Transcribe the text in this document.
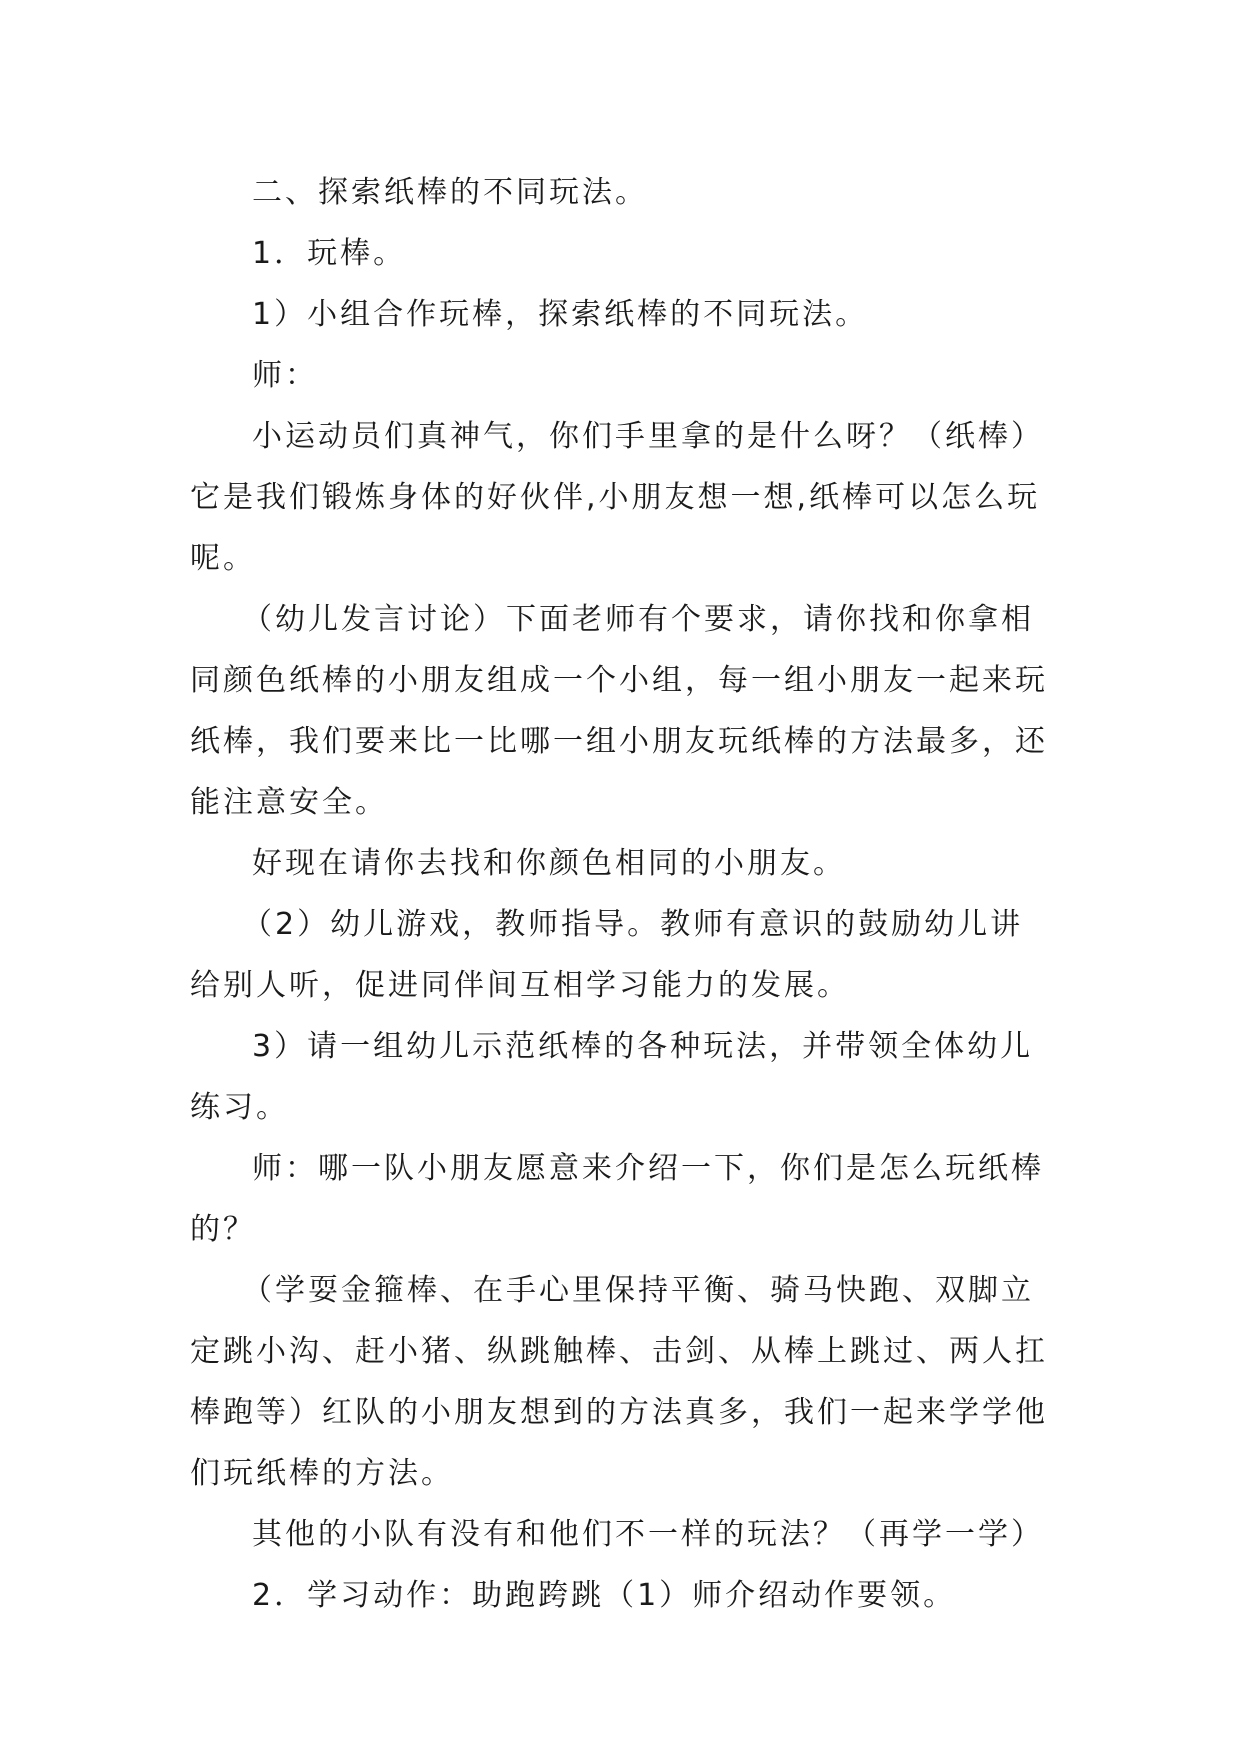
二、探索纸棒的不同玩法。

1．玩棒。

1）小组合作玩棒，探索纸棒的不同玩法。

师：

小运动员们真神气，你们手里拿的是什么呀？（纸棒）它是我们锻炼身体的好伙伴,小朋友想一想,纸棒可以怎么玩呢。

（幼儿发言讨论）下面老师有个要求，请你找和你拿相同颜色纸棒的小朋友组成一个小组，每一组小朋友一起来玩纸棒，我们要来比一比哪一组小朋友玩纸棒的方法最多，还能注意安全。

好现在请你去找和你颜色相同的小朋友。

（2）幼儿游戏，教师指导。教师有意识的鼓励幼儿讲给别人听，促进同伴间互相学习能力的发展。

3）请一组幼儿示范纸棒的各种玩法，并带领全体幼儿练习。

师：哪一队小朋友愿意来介绍一下，你们是怎么玩纸棒的？

（学耍金箍棒、在手心里保持平衡、骑马快跑、双脚立定跳小沟、赶小猪、纵跳触棒、击剑、从棒上跳过、两人扛棒跑等）红队的小朋友想到的方法真多，我们一起来学学他们玩纸棒的方法。

其他的小队有没有和他们不一样的玩法？（再学一学）

2．学习动作：助跑跨跳（1）师介绍动作要领。
